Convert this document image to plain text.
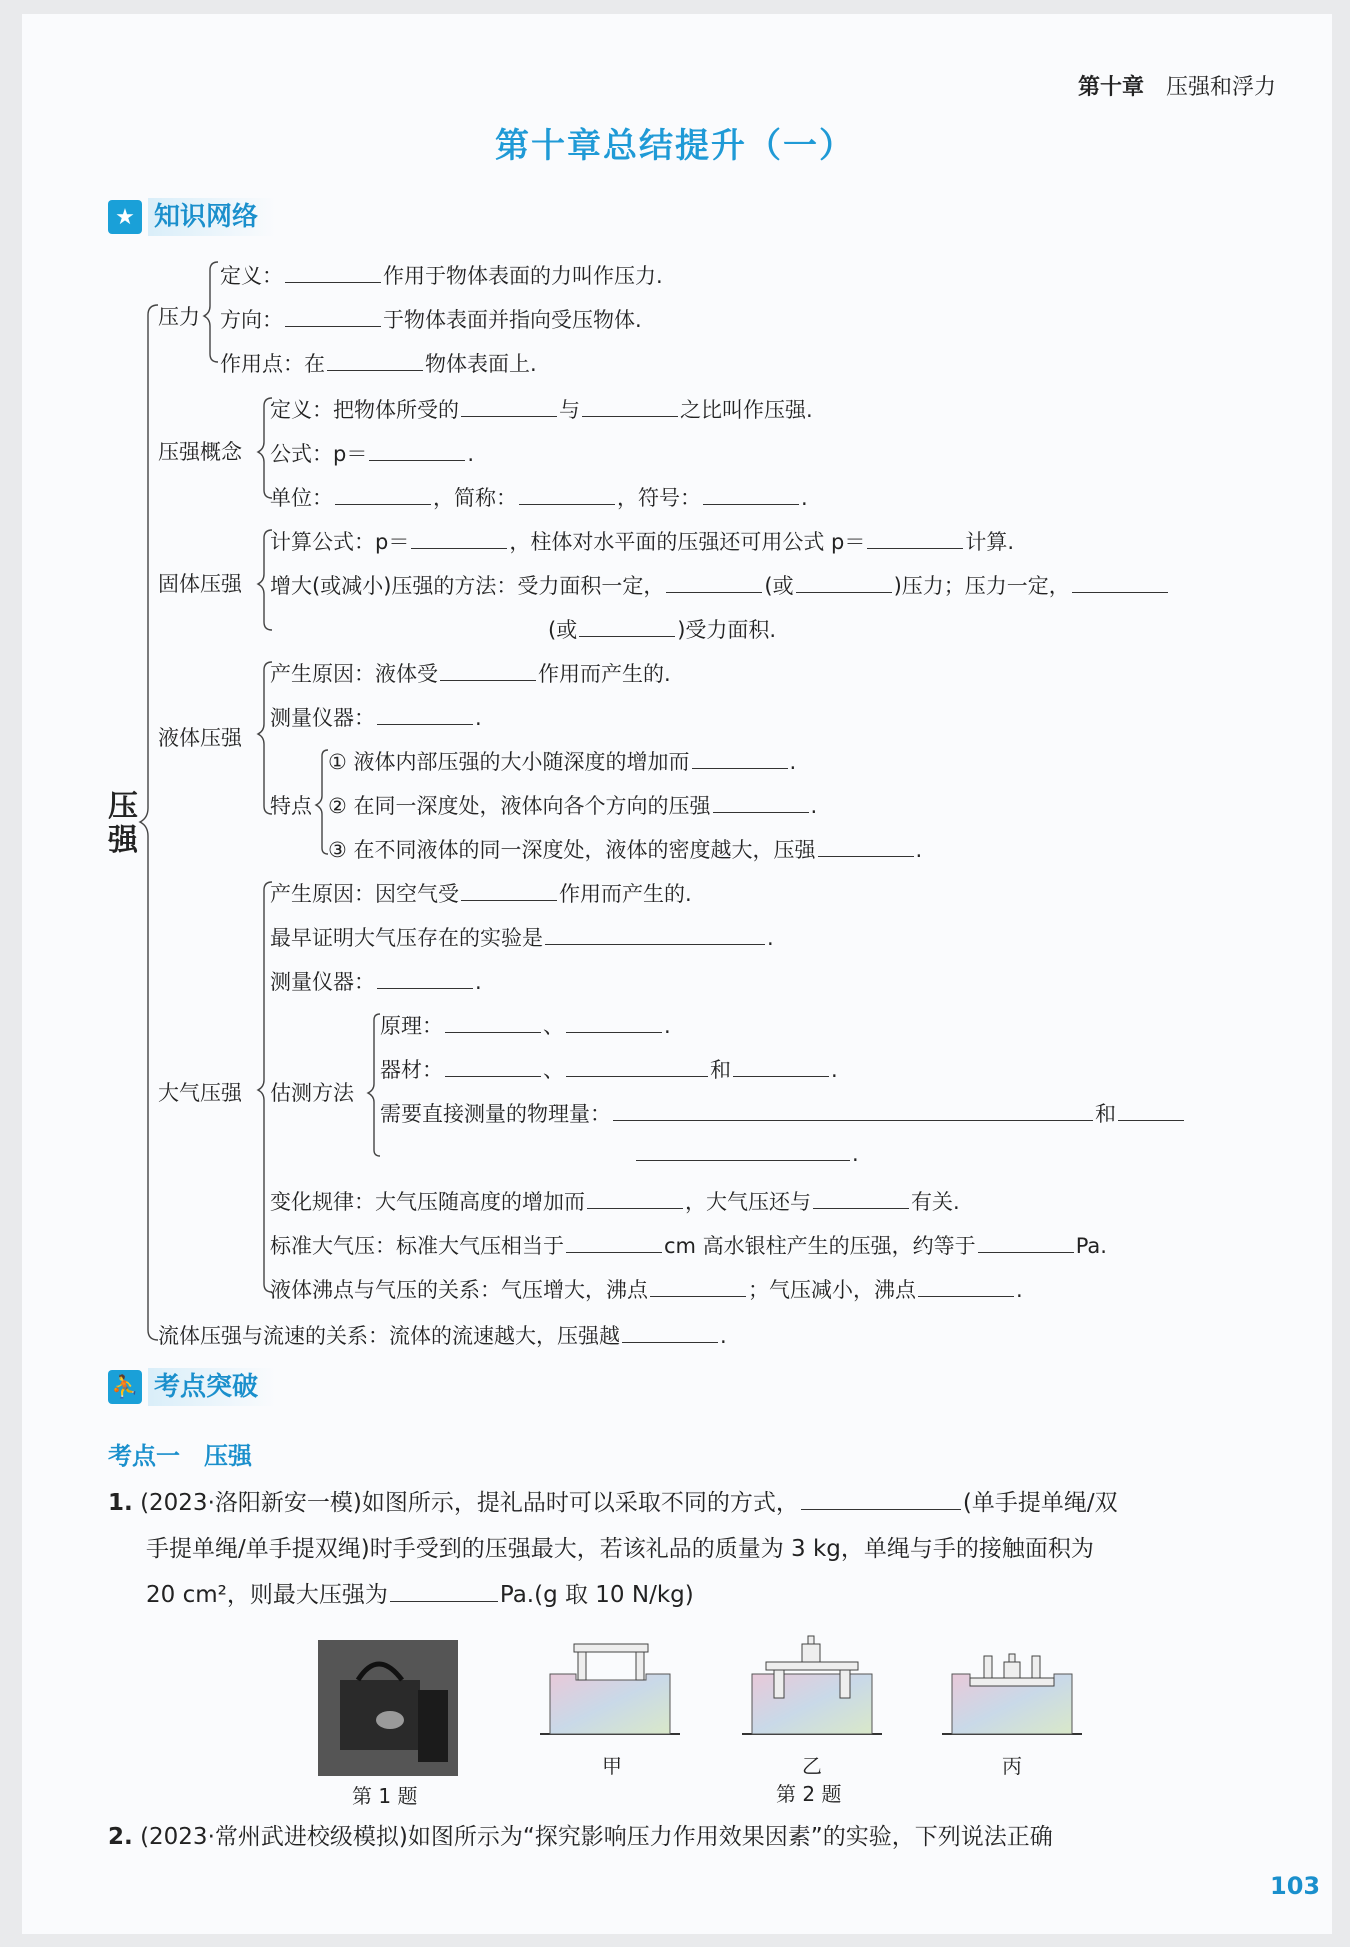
第十章 压强和浮力
第十章总结提升（一）
★ 知识网络
压强
压力
定义：	作用于物体表面的力叫作压力.
方向：	于物体表面并指向受压物体.
作用点：在	物体表面上.
压强概念
定义：把物体所受的	与	之比叫作压强.
公式：p＝	.
单位：	，简称：	，符号：	.
固体压强
计算公式：p＝	，柱体对水平面的压强还可用公式 p＝	计算.
增大(或减小)压强的方法：受力面积一定，	(或	)压力；压力一定，
(或	)受力面积.
液体压强
产生原因：液体受	作用而产生的.
测量仪器：	.
特点
① 液体内部压强的大小随深度的增加而	.
② 在同一深度处，液体向各个方向的压强	.
③ 在不同液体的同一深度处，液体的密度越大，压强	.
大气压强
产生原因：因空气受	作用而产生的.
最早证明大气压存在的实验是	.
测量仪器：	.
估测方法
原理：	、	.
器材：	、	和	.
需要直接测量的物理量：	和
.
变化规律：大气压随高度的增加而	，大气压还与	有关.
标准大气压：标准大气压相当于	cm 高水银柱产生的压强，约等于	Pa.
液体沸点与气压的关系：气压增大，沸点	；气压减小，沸点	.
流体压强与流速的关系：流体的流速越大，压强越	.
⛹ 考点突破
考点一　压强
1. (2023·洛阳新安一模)如图所示，提礼品时可以采取不同的方式，	(单手提单绳/双
手提单绳/单手提双绳)时手受到的压强最大，若该礼品的质量为 3 kg，单绳与手的接触面积为
20 cm²，则最大压强为	Pa.(g 取 10 N/kg)
第 1 题
甲	乙	丙
第 2 题
2. (2023·常州武进校级模拟)如图所示为“探究影响压力作用效果因素”的实验，下列说法正确
103
